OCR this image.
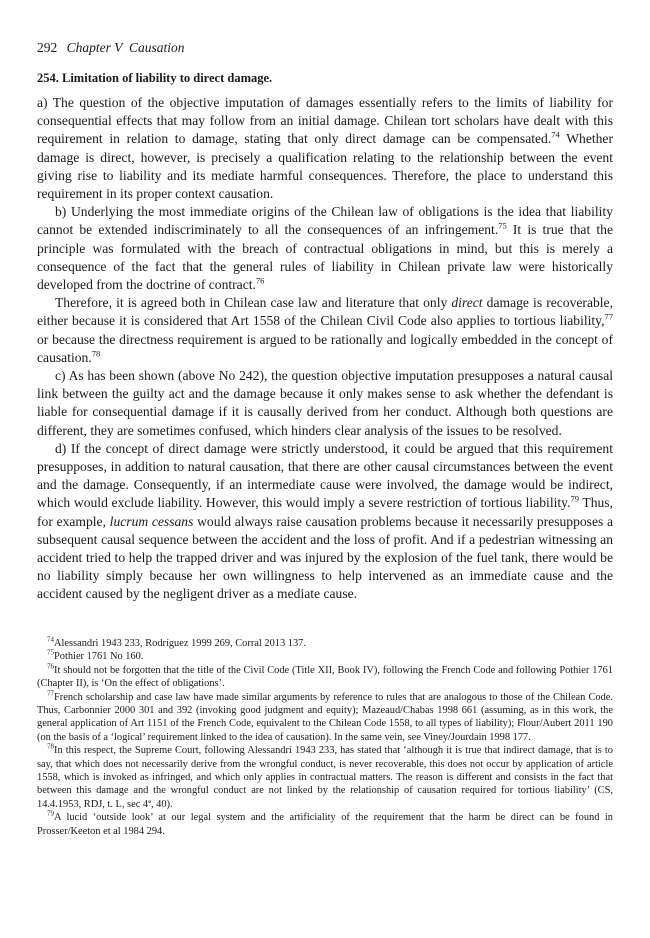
292 Chapter V  Causation
254. Limitation of liability to direct damage.

a) The question of the objective imputation of damages essentially refers to the limits of liability for consequential effects that may follow from an initial damage. Chilean tort scholars have dealt with this requirement in relation to damage, stating that only direct damage can be compensated.$^{74}$ Whether damage is direct, however, is precisely a qualification relating to the relationship between the event giving rise to liability and its mediate harmful consequences. Therefore, the place to understand this requirement in its proper context causation.

b) Underlying the most immediate origins of the Chilean law of obligations is the idea that liability cannot be extended indiscriminately to all the consequences of an infringement.$^{75}$ It is true that the principle was formulated with the breach of contractual obligations in mind, but this is merely a consequence of the fact that the general rules of liability in Chilean private law were historically developed from the doctrine of contract.$^{76}$

Therefore, it is agreed both in Chilean case law and literature that only direct damage is recoverable, either because it is considered that Art 1558 of the Chilean Civil Code also applies to tortious liability,$^{77}$ or because the directness requirement is argued to be rationally and logically embedded in the concept of causation.$^{78}$

c) As has been shown (above No 242), the question objective imputation presupposes a natural causal link between the guilty act and the damage because it only makes sense to ask whether the defendant is liable for consequential damage if it is causally derived from her conduct. Although both questions are different, they are sometimes confused, which hinders clear analysis of the issues to be resolved.

d) If the concept of direct damage were strictly understood, it could be argued that this requirement presupposes, in addition to natural causation, that there are other causal circumstances between the event and the damage. Consequently, if an intermediate cause were involved, the damage would be indirect, which would exclude liability. However, this would imply a severe restriction of tortious liability.$^{79}$ Thus, for example, lucrum cessans would always raise causation problems because it necessarily presupposes a subsequent causal sequence between the accident and the loss of profit. And if a pedestrian witnessing an accident tried to help the trapped driver and was injured by the explosion of the fuel tank, there would be no liability simply because her own willingness to help intervened as an immediate cause and the accident caused by the negligent driver as a mediate cause.

$^{74}$Alessandri 1943 233, Rodríguez 1999 269, Corral 2013 137.

$^{75}$Pothier 1761 No 160.

$^{76}$It should not be forgotten that the title of the Civil Code (Title XII, Book IV), following the French Code and following Pothier 1761 (Chapter II), is ‘On the effect of obligations’.

$^{77}$French scholarship and case law have made similar arguments by reference to rules that are analogous to those of the Chilean Code. Thus, Carbonnier 2000 301 and 392 (invoking good judgment and equity); Mazeaud/Chabas 1998 661 (assuming, as in this work, the general application of Art 1151 of the French Code, equivalent to the Chilean Code 1558, to all types of liability); Flour/Aubert 2011 190 (on the basis of a ‘logical’ requirement linked to the idea of causation). In the same vein, see Viney/Jourdain 1998 177.

$^{78}$In this respect, the Supreme Court, following Alessandri 1943 233, has stated that ‘although it is true that indirect damage, that is to say, that which does not necessarily derive from the wrongful conduct, is never recoverable, this does not occur by application of article 1558, which is invoked as infringed, and which only applies in contractual matters. The reason is different and consists in the fact that between this damage and the wrongful conduct are not linked by the relationship of causation required for tortious liability’ (CS, 14.4.1953, RDJ, t. L, sec 4ª, 40).

$^{79}$A lucid ‘outside look’ at our legal system and the artificiality of the requirement that the harm be direct can be found in Prosser/Keeton et al 1984 294.
